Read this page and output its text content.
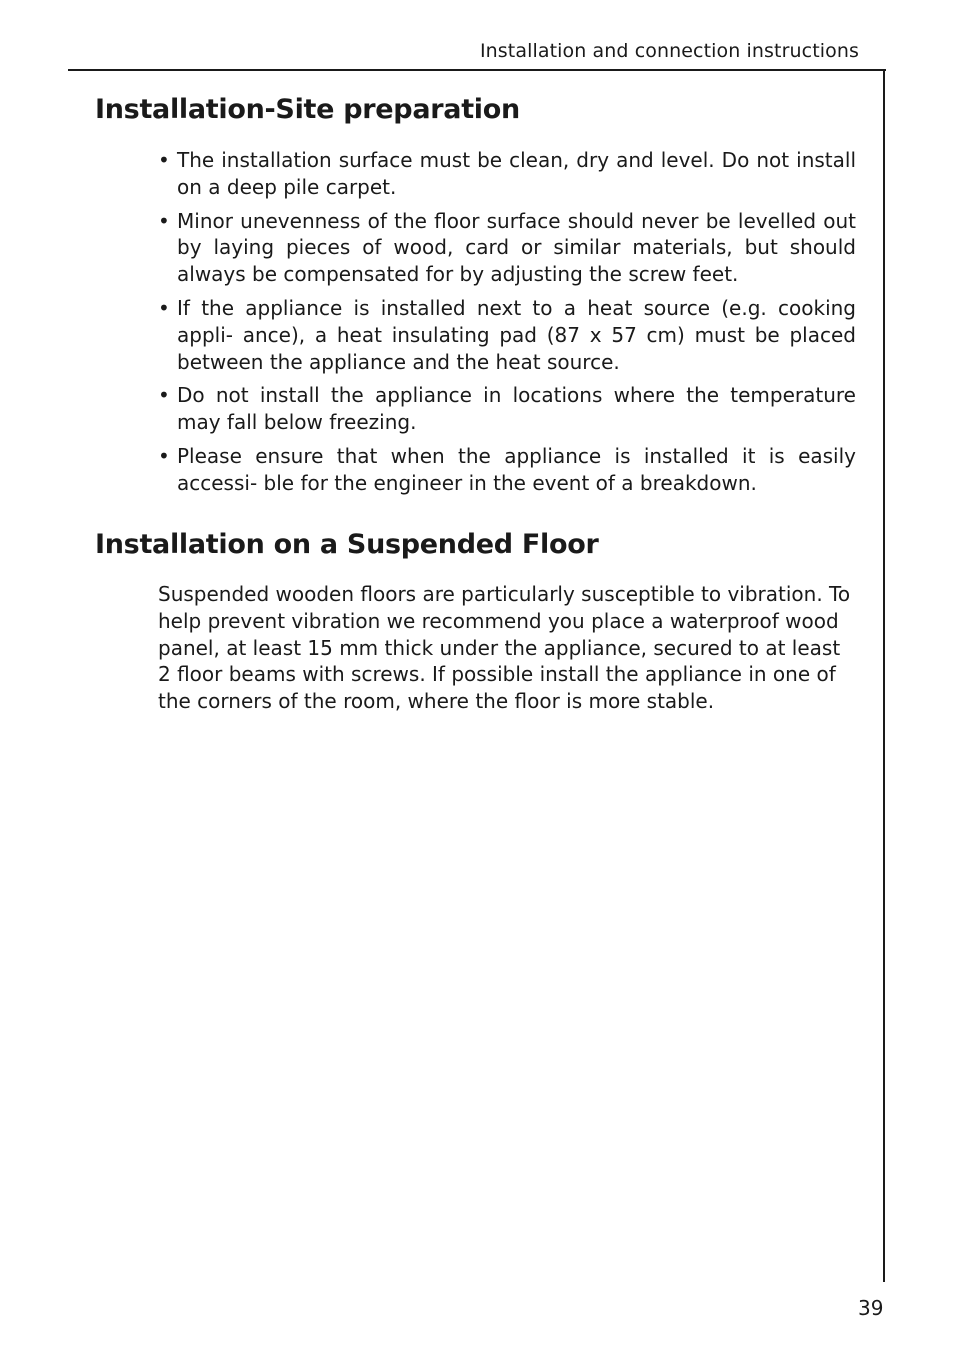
Installation and connection instructions
Installation-Site preparation
• The installation surface must be clean, dry and level. Do not install on a deep pile carpet.
• Minor unevenness of the floor surface should never be levelled out by laying pieces of wood, card or similar materials, but should always be compensated for by adjusting the screw feet.
• If the appliance is installed next to a heat source (e.g. cooking appli- ance), a heat insulating pad (87 x 57 cm) must be placed between the appliance and the heat source.
• Do not install the appliance in locations where the temperature may fall below freezing.
• Please ensure that when the appliance is installed it is easily accessi- ble for the engineer in the event of a breakdown.
Installation on a Suspended Floor

Suspended wooden floors are particularly susceptible to vibration. To help prevent vibration we recommend you place a waterproof wood panel, at least 15 mm thick under the appliance, secured to at least 2 floor beams with screws. If possible install the appliance in one of the corners of the room, where the floor is more stable.

39
